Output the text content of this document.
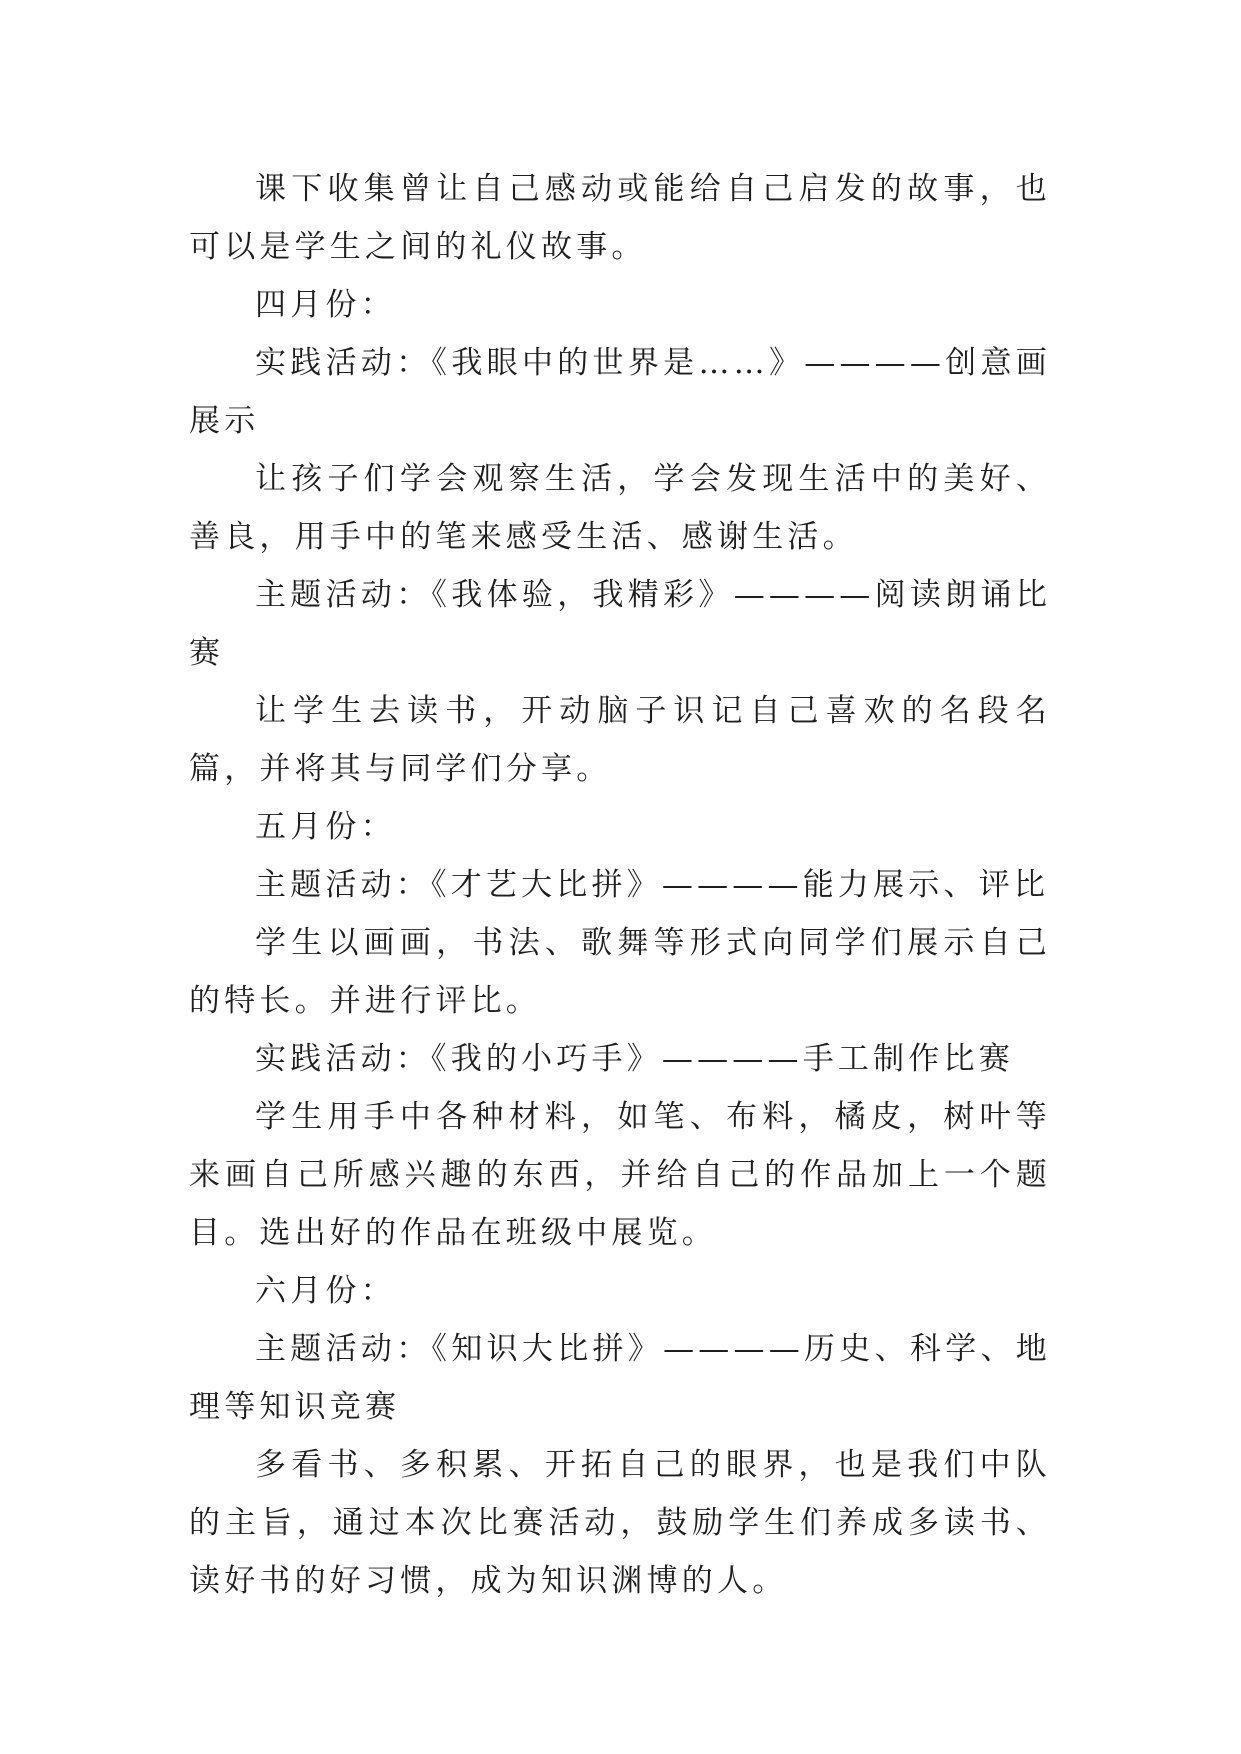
课下收集曾让自己感动或能给自己启发的故事，也可以是学生之间的礼仪故事。

四月份：

实践活动：《我眼中的世界是……》————创意画展示

让孩子们学会观察生活，学会发现生活中的美好、善良，用手中的笔来感受生活、感谢生活。

主题活动：《我体验，我精彩》————阅读朗诵比赛

让学生去读书，开动脑子识记自己喜欢的名段名篇，并将其与同学们分享。

五月份：

主题活动：《才艺大比拼》————能力展示、评比

学生以画画，书法、歌舞等形式向同学们展示自己的特长。并进行评比。

实践活动：《我的小巧手》————手工制作比赛

学生用手中各种材料，如笔、布料，橘皮，树叶等来画自己所感兴趣的东西，并给自己的作品加上一个题目。选出好的作品在班级中展览。

六月份：

主题活动：《知识大比拼》————历史、科学、地理等知识竞赛

多看书、多积累、开拓自己的眼界，也是我们中队的主旨，通过本次比赛活动，鼓励学生们养成多读书、读好书的好习惯，成为知识渊博的人。
